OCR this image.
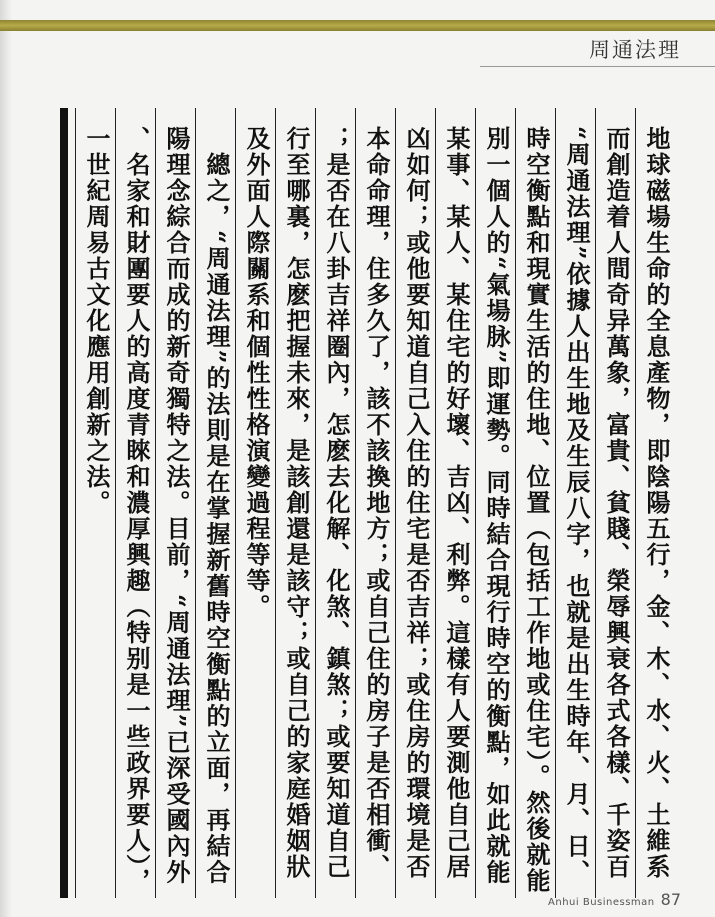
周通法理
地球磁場生命的全息產物，即陰陽五行，金、木、水、火、土維系
而創造着人間奇异萬象，富貴、貧賤、榮辱興衰各式各樣、千姿百
“周通法理”依據人出生地及生辰八字，也就是出生時年、月、日、
時空衡點和現實生活的住地、位置（包括工作地或住宅）。然後就能
別一個人的“氣場脉”即運勢。同時結合現行時空的衡點，如此就能
某事、某人、某住宅的好壞、吉凶、利弊。這樣有人要測他自己居
凶如何；或他要知道自己入住的住宅是否吉祥；或住房的環境是否
本命命理，住多久了，該不該換地方；或自己住的房子是否相衝、
；是否在八卦吉祥圈內，怎麽去化解、化煞、鎮煞；或要知道自己
行至哪裏，怎麽把握未來，是該創還是該守；或自己的家庭婚姻狀
及外面人際關系和個性性格演變過程等等。
　總之，“周通法理”的法則是在掌握新舊時空衡點的立面，再結合
陽理念綜合而成的新奇獨特之法。目前，“周通法理”已深受國內外
、名家和財團要人的高度青睞和濃厚興趣（特别是一些政界要人），
一世紀周易古文化應用創新之法。
Anhui Businessman 87
